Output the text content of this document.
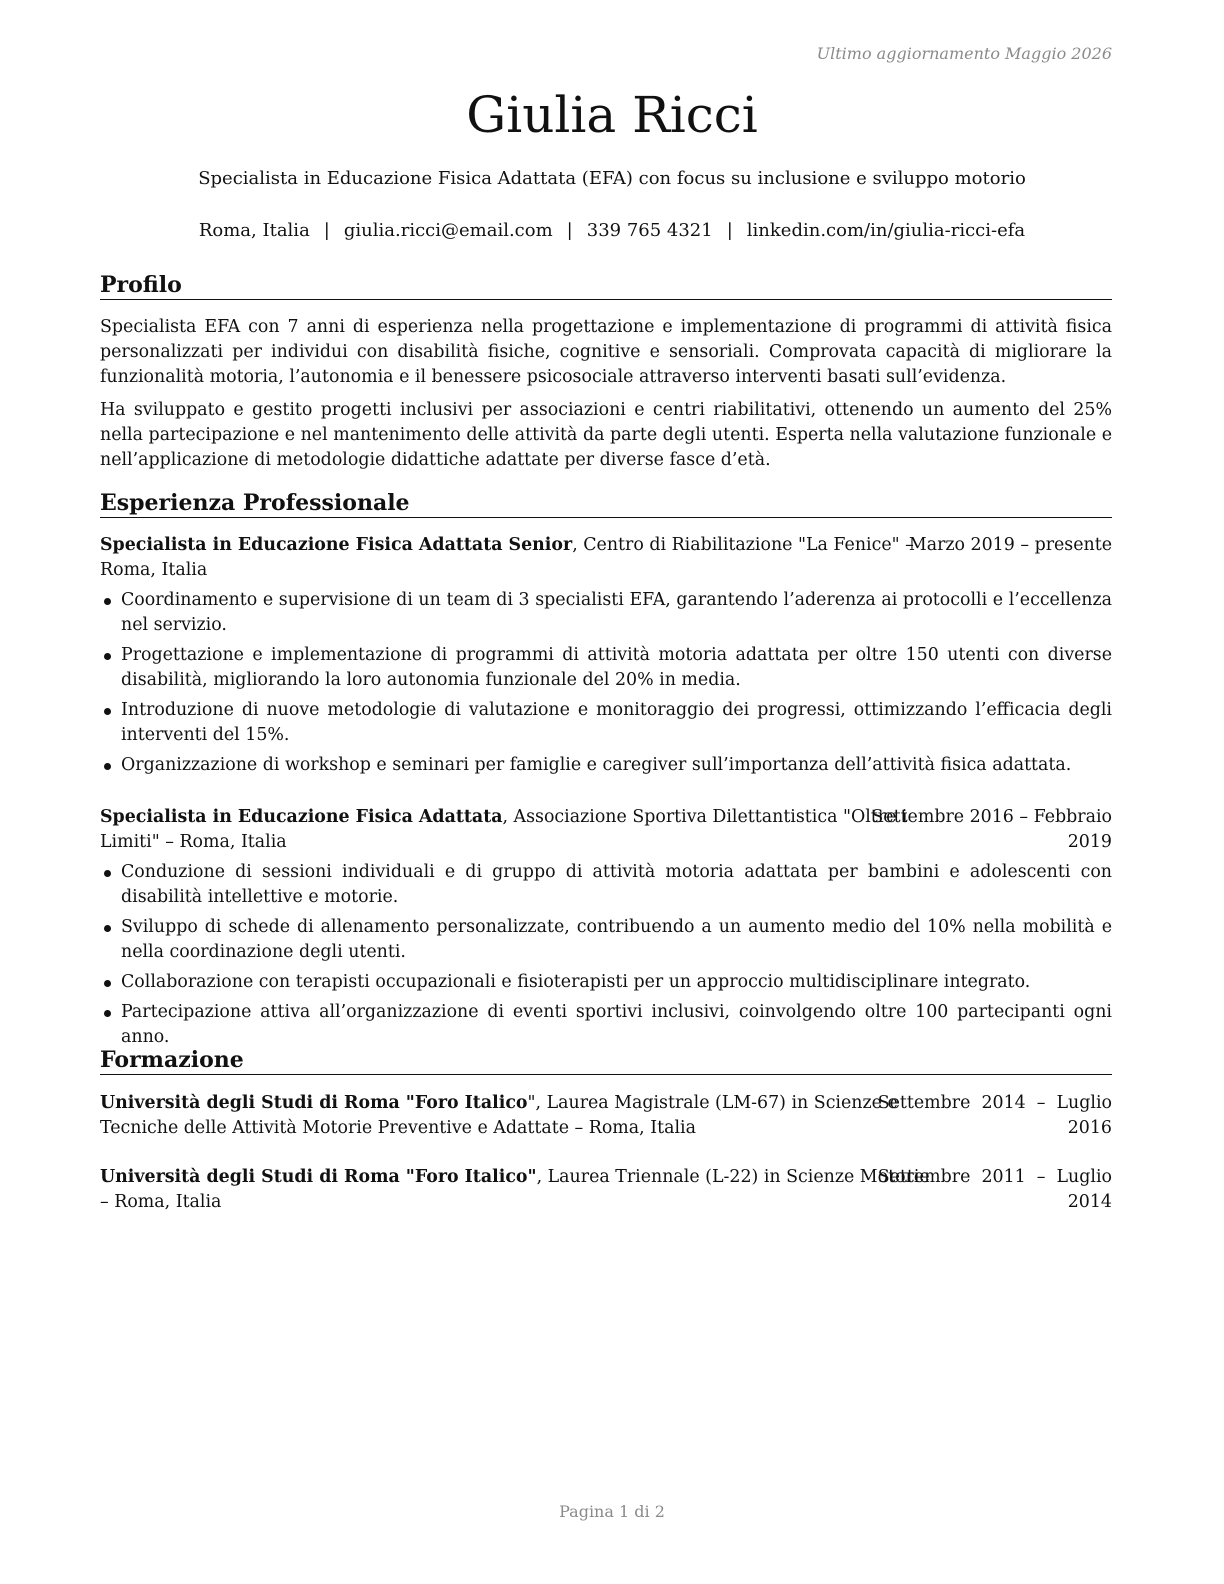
Ultimo aggiornamento Maggio 2026
Giulia Ricci
Specialista in Educazione Fisica Adattata (EFA) con focus su inclusione e sviluppo motorio
Roma, Italia | giulia.ricci@email.com | 339 765 4321 | linkedin.com/in/giulia-ricci-efa
Profilo

Specialista EFA con 7 anni di esperienza nella progettazione e implementazione di programmi di attività fisica personalizzati per individui con disabilità fisiche, cognitive e sensoriali. Comprovata capacità di migliorare la funzionalità motoria, l’autonomia e il benessere psicosociale attraverso interventi basati sull’evidenza.

Ha sviluppato e gestito progetti inclusivi per associazioni e centri riabilitativi, ottenendo un aumento del 25% nella partecipazione e nel mantenimento delle attività da parte degli utenti. Esperta nella valutazione funzionale e nell’applicazione di metodologie didattiche adattate per diverse fasce d’età.

Esperienza Professionale
Specialista in Educazione Fisica Adattata Senior, Centro di Riabilitazione "La Fenice" –
Roma, Italia
Marzo 2019 – presente
Coordinamento e supervisione di un team di 3 specialisti EFA, garantendo l’aderenza ai protocolli e l’eccellenza nel servizio.
Progettazione e implementazione di programmi di attività motoria adattata per oltre 150 utenti con diverse disabilità, migliorando la loro autonomia funzionale del 20% in media.
Introduzione di nuove metodologie di valutazione e monitoraggio dei progressi, ottimizzando l’efficacia degli interventi del 15%.
Organizzazione di workshop e seminari per famiglie e caregiver sull’importanza dell’attività fisica adattata.
Specialista in Educazione Fisica Adattata, Associazione Sportiva Dilettantistica "Oltre i
Limiti" – Roma, Italia
Settembre 2016 – Febbraio
2019
Conduzione di sessioni individuali e di gruppo di attività motoria adattata per bambini e adolescenti con disabilità intellettive e motorie.
Sviluppo di schede di allenamento personalizzate, contribuendo a un aumento medio del 10% nella mobilità e nella coordinazione degli utenti.
Collaborazione con terapisti occupazionali e fisioterapisti per un approccio multidisciplinare integrato.
Partecipazione attiva all’organizzazione di eventi sportivi inclusivi, coinvolgendo oltre 100 partecipanti ogni anno.
Formazione
Università degli Studi di Roma "Foro Italico", Laurea Magistrale (LM-67) in Scienze e
Tecniche delle Attività Motorie Preventive e Adattate – Roma, Italia
Settembre  2014  –  Luglio
2016
Università degli Studi di Roma "Foro Italico", Laurea Triennale (L-22) in Scienze Motorie
– Roma, Italia
Settembre  2011  –  Luglio
2014
Pagina 1 di 2
